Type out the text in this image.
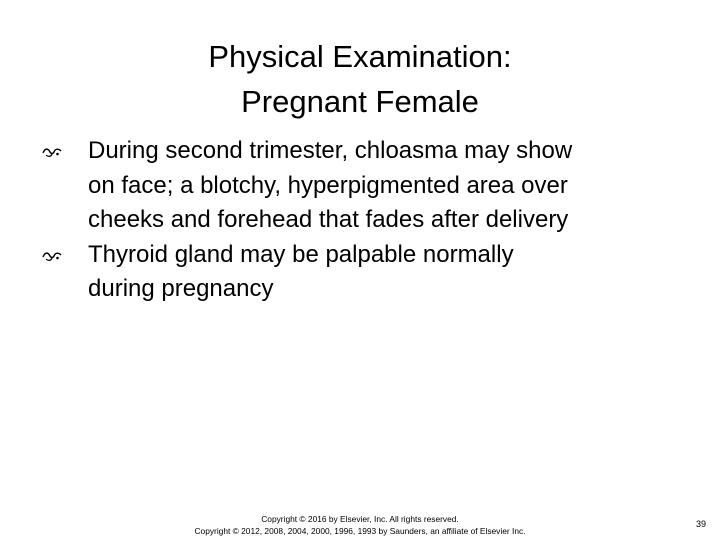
Physical Examination:
Pregnant Female
During second trimester, chloasma may show
on face; a blotchy, hyperpigmented area over
cheeks and forehead that fades after delivery
Thyroid gland may be palpable normally
during pregnancy
Copyright © 2016 by Elsevier, Inc. All rights reserved.
Copyright © 2012, 2008, 2004, 2000, 1996, 1993 by Saunders, an affiliate of Elsevier Inc.
39
